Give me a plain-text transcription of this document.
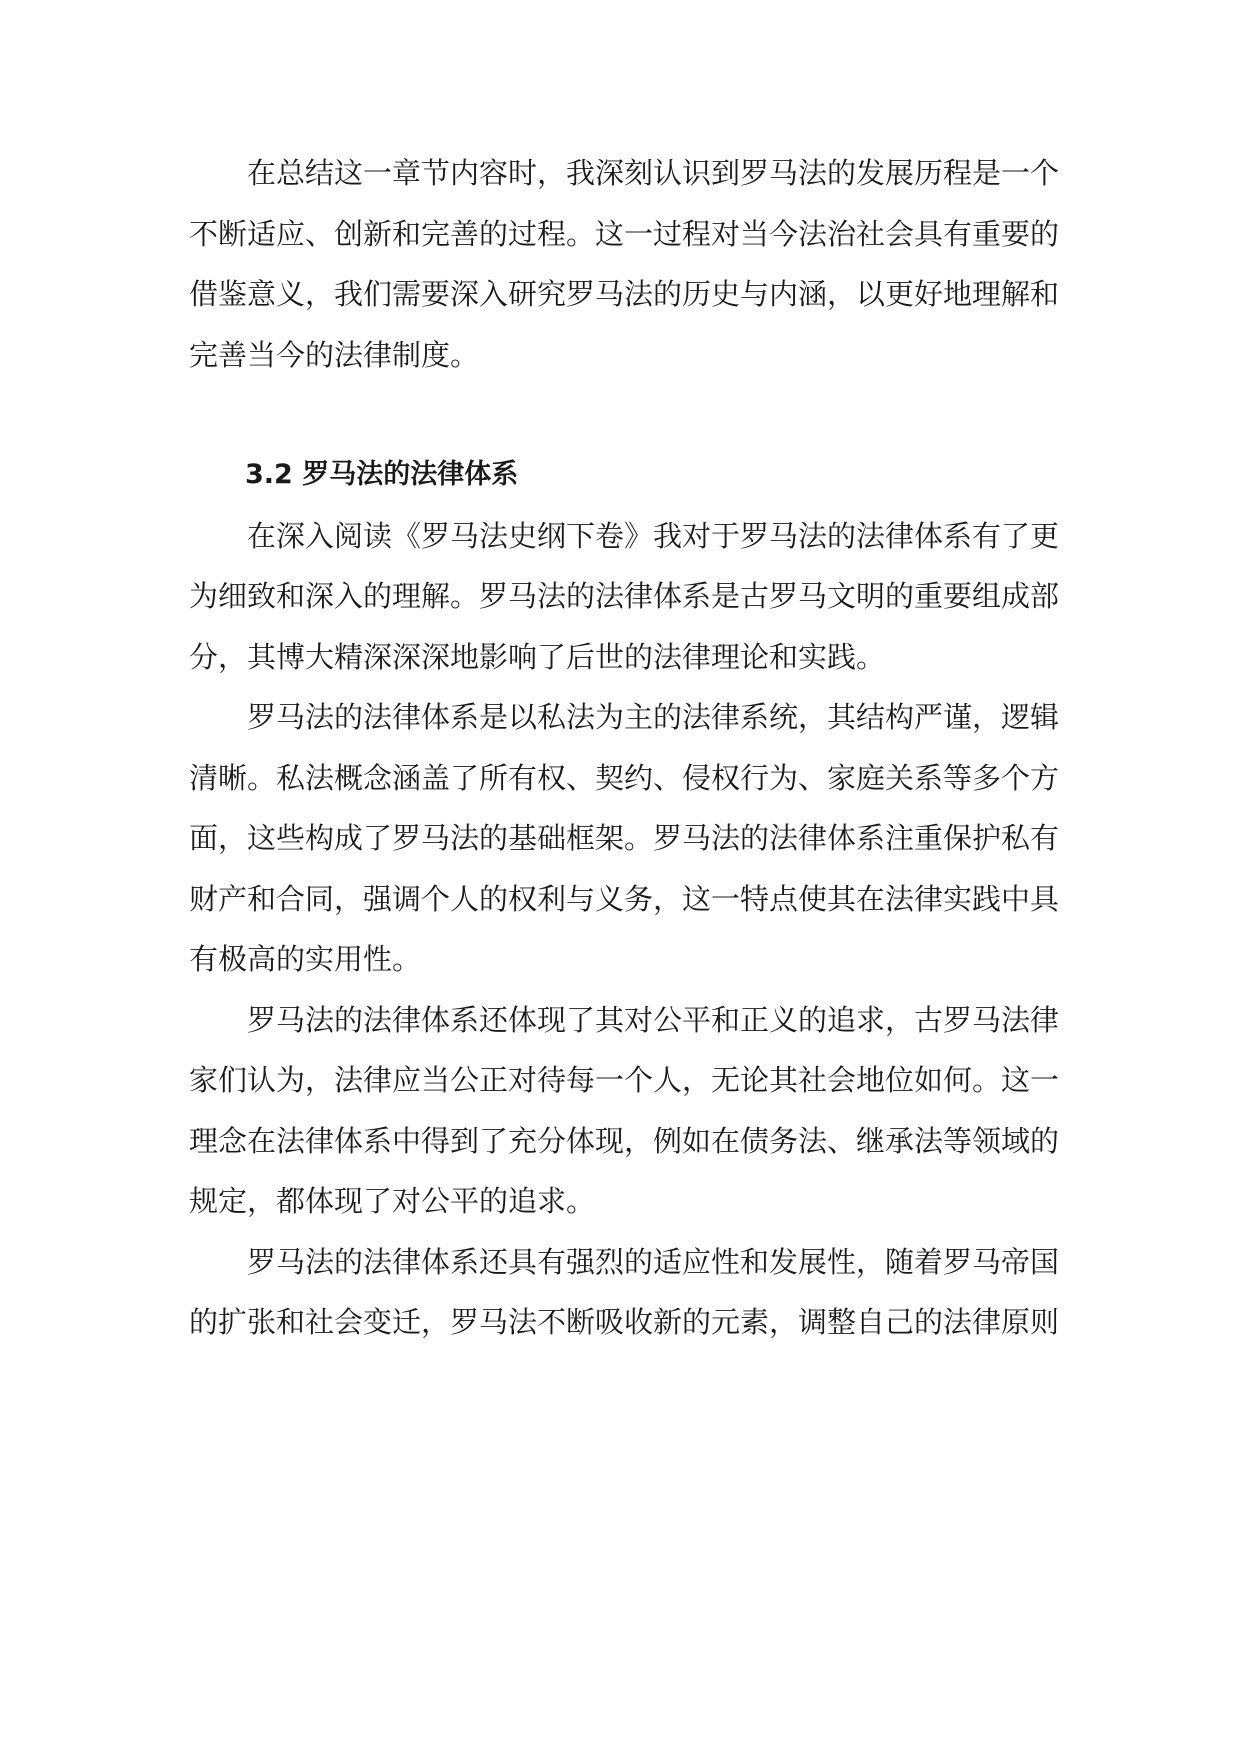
在总结这一章节内容时，我深刻认识到罗马法的发展历程是一个不断适应、创新和完善的过程。这一过程对当今法治社会具有重要的借鉴意义，我们需要深入研究罗马法的历史与内涵，以更好地理解和完善当今的法律制度。

3.2 罗马法的法律体系

在深入阅读《罗马法史纲下卷》我对于罗马法的法律体系有了更为细致和深入的理解。罗马法的法律体系是古罗马文明的重要组成部分，其博大精深深深地影响了后世的法律理论和实践。

罗马法的法律体系是以私法为主的法律系统，其结构严谨，逻辑清晰。私法概念涵盖了所有权、契约、侵权行为、家庭关系等多个方面，这些构成了罗马法的基础框架。罗马法的法律体系注重保护私有财产和合同，强调个人的权利与义务，这一特点使其在法律实践中具有极高的实用性。

罗马法的法律体系还体现了其对公平和正义的追求，古罗马法律家们认为，法律应当公正对待每一个人，无论其社会地位如何。这一理念在法律体系中得到了充分体现，例如在债务法、继承法等领域的规定，都体现了对公平的追求。

罗马法的法律体系还具有强烈的适应性和发展性，随着罗马帝国的扩张和社会变迁，罗马法不断吸收新的元素，调整自己的法律原则
